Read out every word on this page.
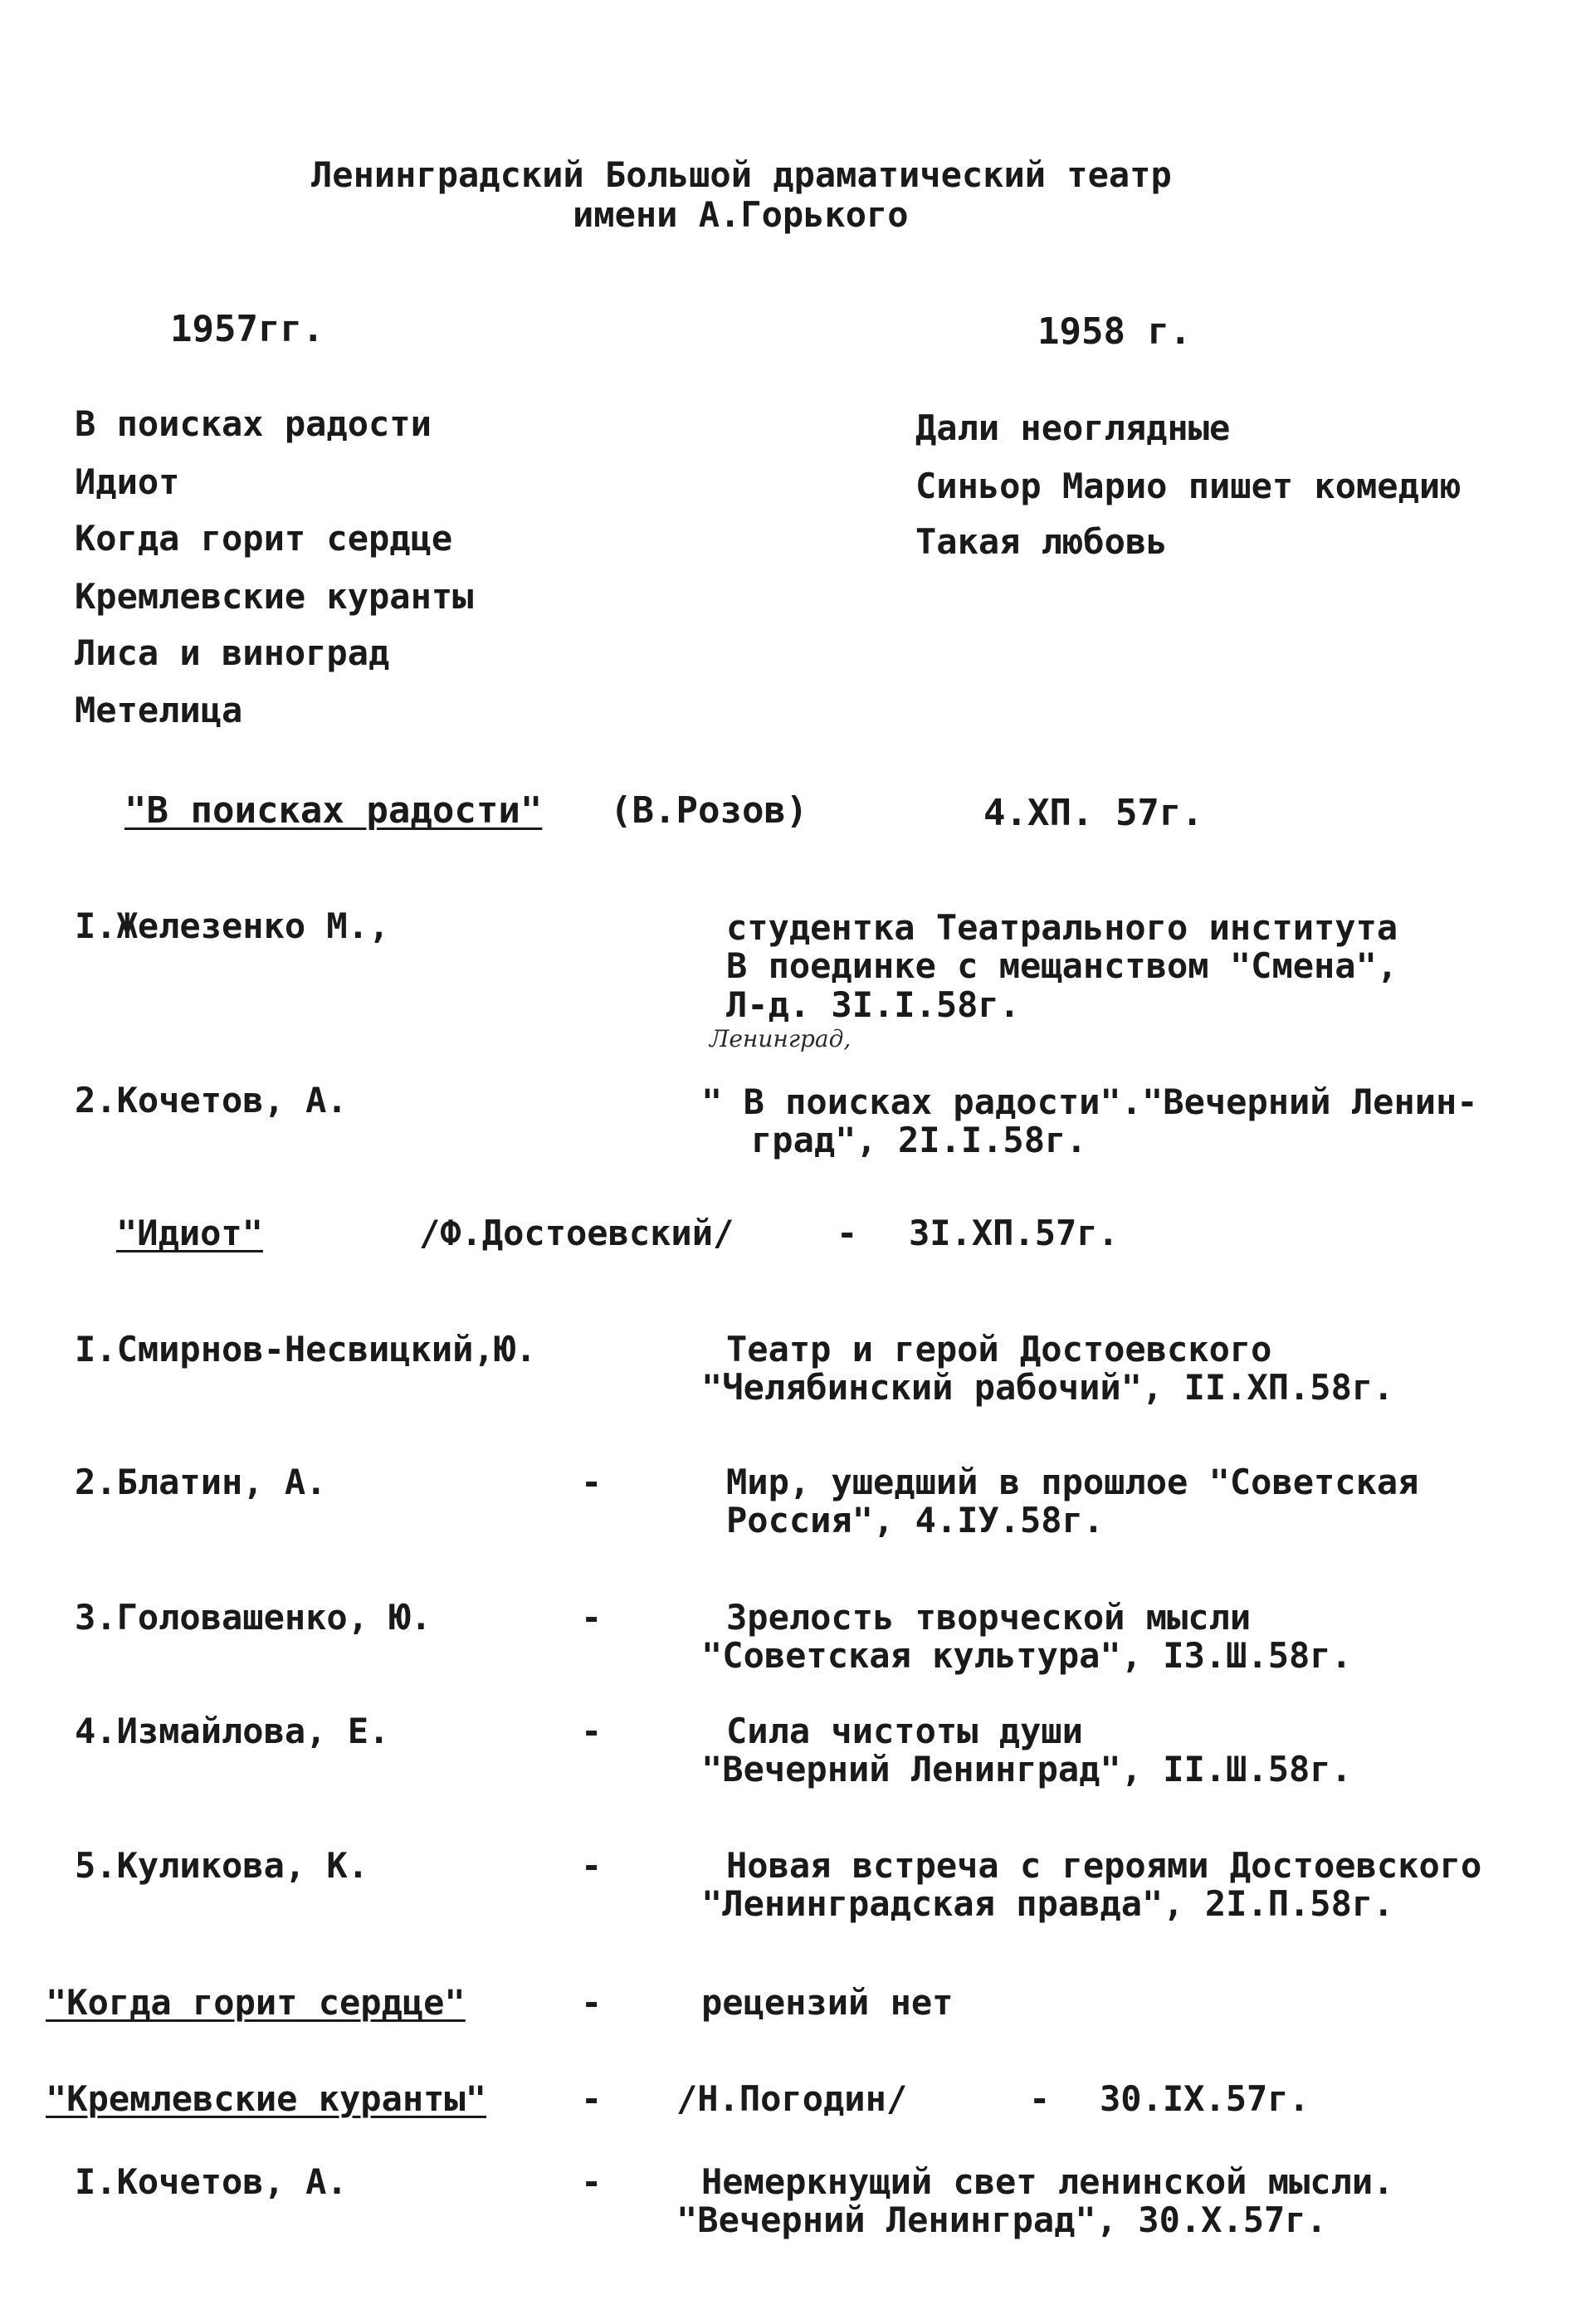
Ленинградский Большой драматический театр
имени А.Горького
1957гг.	1958 г.
В поисках радости
Идиот
Когда горит сердце
Кремлевские куранты
Лиса и виноград
Метелица
Дали неоглядные
Синьор Марио пишет комедию
Такая любовь
"В поисках радости" (В.Розов)	4.ХП. 57г.
I.Железенко М.,	студентка Театрального института
В поединке с мещанством "Смена",
Л-д. 3I.I.58г.
Ленинград,
2.Кочетов, А.	" В поисках радости"."Вечерний Ленин-
град", 2I.I.58г.
"Идиот"	/Ф.Достоевский/	- 3I.ХП.57г.
I.Смирнов-Несвицкий,Ю.	Театр и герой Достоевского
"Челябинский рабочий", II.ХП.58г.
2.Блатин, А.	-	Мир, ушедший в прошлое "Советская
Россия", 4.IУ.58г.
3.Головашенко, Ю.	-	Зрелость творческой мысли
"Советская культура", I3.Ш.58г.
4.Измайлова, Е.	-	Сила чистоты души
"Вечерний Ленинград", II.Ш.58г.
5.Куликова, К.	-	Новая встреча с героями Достоевского
"Ленинградская правда", 2I.П.58г.
"Когда горит сердце"	-	рецензий нет
"Кремлевские куранты"	- /Н.Погодин/	- 30.IХ.57г.
I.Кочетов, А.	-	Немеркнущий свет ленинской мысли.
"Вечерний Ленинград", 30.Х.57г.
